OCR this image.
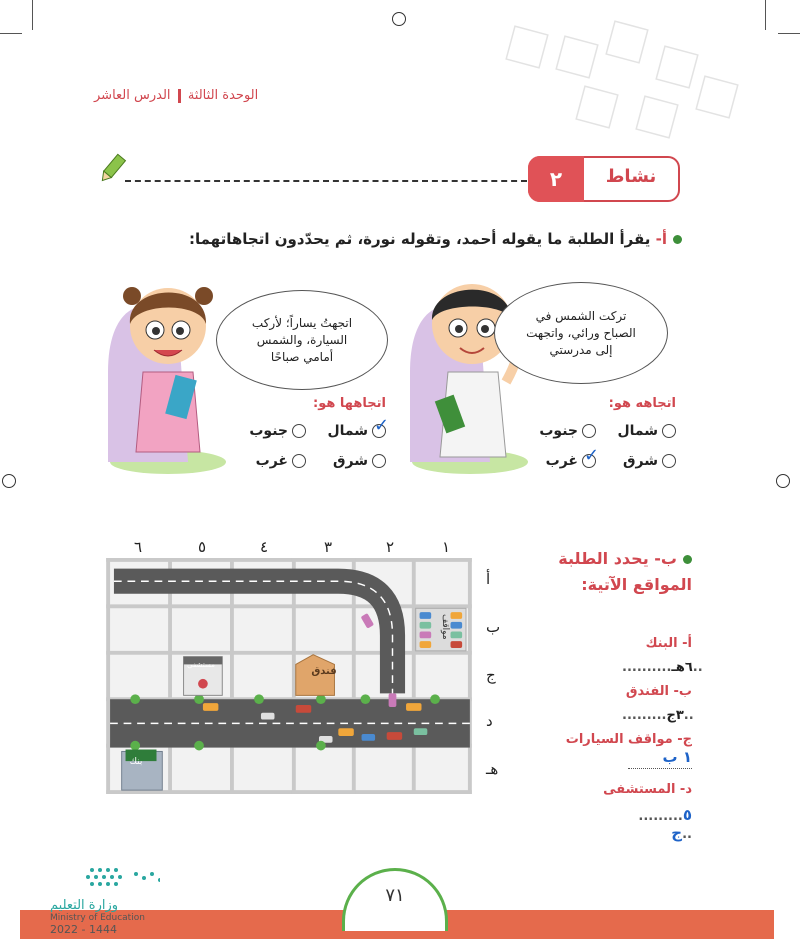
الوحدة الثالثة  الدرس العاشر
٢	نشاط
أ- يقرأ الطلبة ما يقوله أحمد، وتقوله نورة، ثم يحدّدون اتجاهاتهما:
تركت الشمس في
الصباح ورائي، واتجهت
إلى مدرستي
اتجاهه هو:
شمال
جنوب
شرق
✓
غرب
اتجهتُ يساراً؛ لأركب
السيارة، والشمس
أمامي صباحًا
اتجاهها هو:
✓
شمال
جنوب
شرق
غرب
ب- يحدد الطلبة
المواقع الآتية:
أ- البنك
..........٦هـ..
ب- الفندق
.........٣ج..
ج- مواقف السيارات
١ ب
د- المستشفى
.........٥ ج..
١
٢
٣
٤
٥
٦
أ
ب
ج
د
هـ
مستشفى
فندق
بنك
مواقف
٧١
وزارة التعليم
Ministry of Education
2022 - 1444
